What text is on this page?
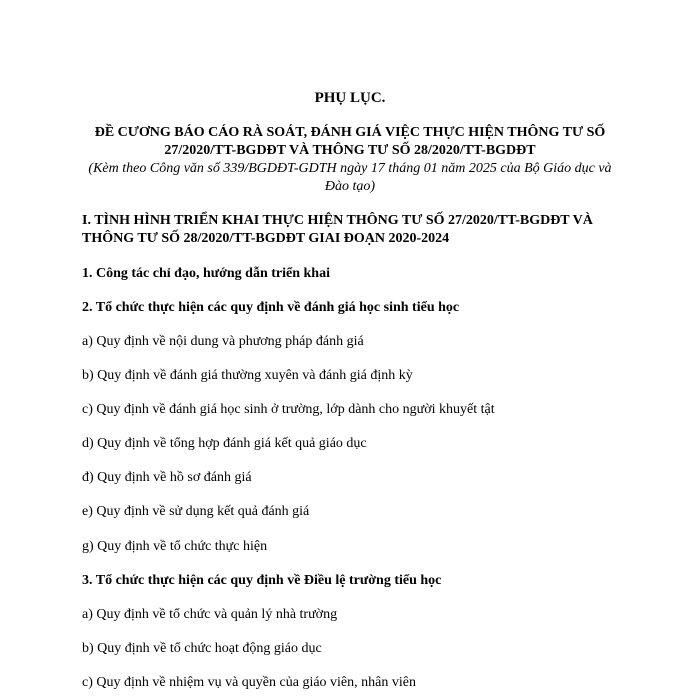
PHỤ LỤC.

ĐỀ CƯƠNG BÁO CÁO RÀ SOÁT, ĐÁNH GIÁ VIỆC THỰC HIỆN THÔNG TƯ SỐ 27/2020/TT-BGDĐT VÀ THÔNG TƯ SỐ 28/2020/TT-BGDĐT

(Kèm theo Công văn số 339/BGDĐT-GDTH ngày 17 tháng 01 năm 2025 của Bộ Giáo dục và Đào tạo)

I. TÌNH HÌNH TRIỂN KHAI THỰC HIỆN THÔNG TƯ SỐ 27/2020/TT-BGDĐT VÀ THÔNG TƯ SỐ 28/2020/TT-BGDĐT GIAI ĐOẠN 2020-2024

1. Công tác chỉ đạo, hướng dẫn triển khai

2. Tổ chức thực hiện các quy định về đánh giá học sinh tiểu học

a) Quy định về nội dung và phương pháp đánh giá

b) Quy định về đánh giá thường xuyên và đánh giá định kỳ

c) Quy định về đánh giá học sinh ở trường, lớp dành cho người khuyết tật

d) Quy định về tổng hợp đánh giá kết quả giáo dục

đ) Quy định về hồ sơ đánh giá

e) Quy định về sử dụng kết quả đánh giá

g) Quy định về tổ chức thực hiện

3. Tổ chức thực hiện các quy định về Điều lệ trường tiểu học

a) Quy định về tổ chức và quản lý nhà trường

b) Quy định về tổ chức hoạt động giáo dục

c) Quy định về nhiệm vụ và quyền của giáo viên, nhân viên
